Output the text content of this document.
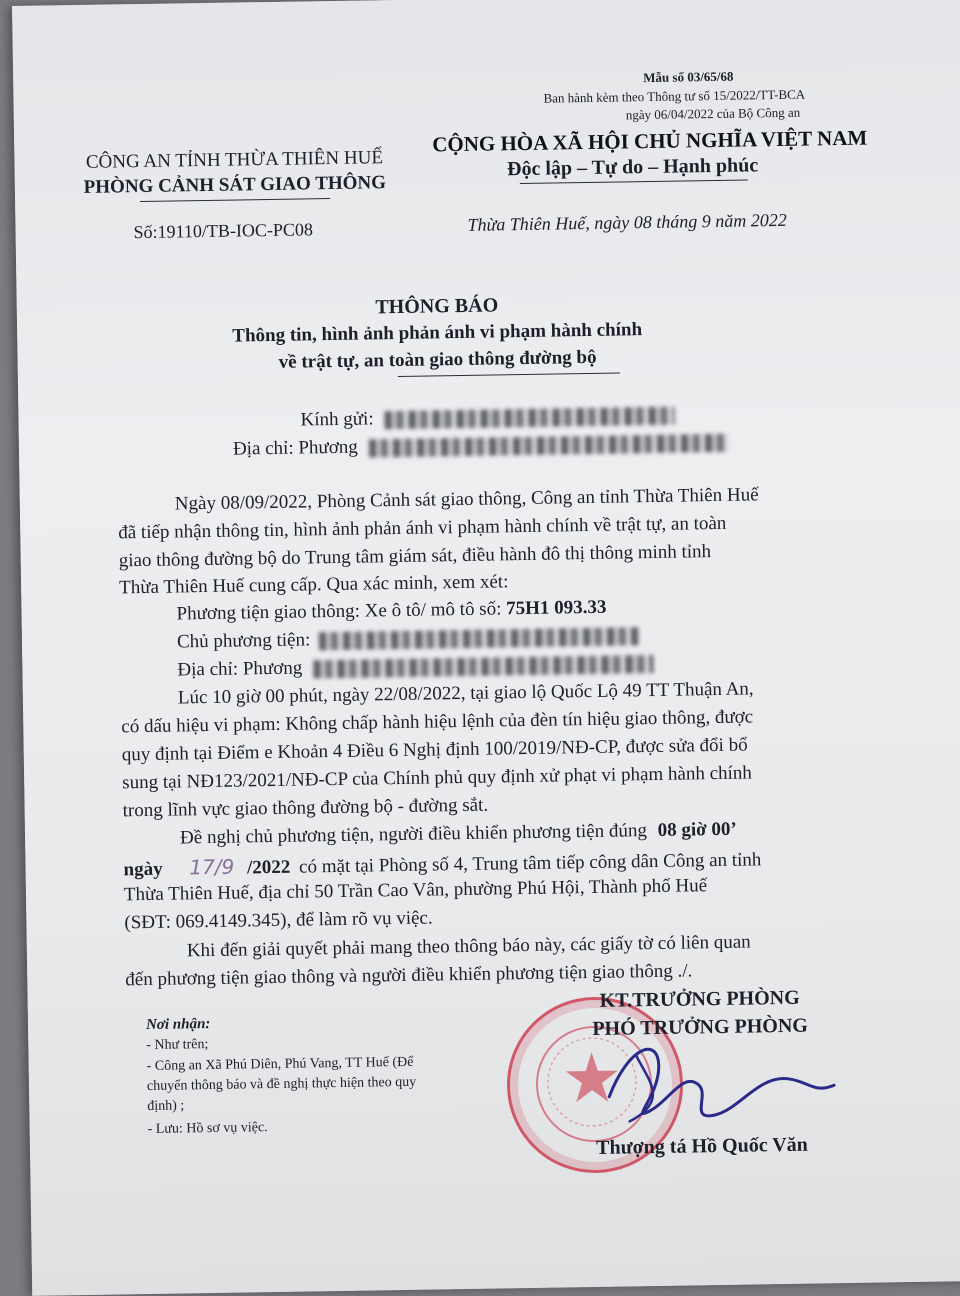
Mẫu số 03/65/68
Ban hành kèm theo Thông tư số 15/2022/TT-BCA
ngày 06/04/2022 của Bộ Công an
CÔNG AN TỈNH THỪA THIÊN HUẾ
PHÒNG CẢNH SÁT GIAO THÔNG
Số:19110/TB-IOC-PC08
CỘNG HÒA XÃ HỘI CHỦ NGHĨA VIỆT NAM
Độc lập – Tự do – Hạnh phúc
Thừa Thiên Huế, ngày 08 tháng 9 năm 2022
THÔNG BÁO
Thông tin, hình ảnh phản ánh vi phạm hành chính
về trật tự, an toàn giao thông đường bộ
Kính gửi:
Địa chỉ: Phương
Ngày 08/09/2022, Phòng Cảnh sát giao thông, Công an tỉnh Thừa Thiên Huế
đã tiếp nhận thông tin, hình ảnh phản ánh vi phạm hành chính về trật tự, an toàn
giao thông đường bộ do Trung tâm giám sát, điều hành đô thị thông minh tỉnh
Thừa Thiên Huế cung cấp. Qua xác minh, xem xét:
Phương tiện giao thông: Xe ô tô/ mô tô số: 75H1 093.33
Chủ phương tiện:
Địa chỉ: Phương
Lúc 10 giờ 00 phút, ngày 22/08/2022, tại giao lộ Quốc Lộ 49 TT Thuận An,
có dấu hiệu vi phạm: Không chấp hành hiệu lệnh của đèn tín hiệu giao thông, được
quy định tại Điểm e Khoản 4 Điều 6 Nghị định 100/2019/NĐ-CP, được sửa đổi bổ
sung tại NĐ123/2021/NĐ-CP của Chính phủ quy định xử phạt vi phạm hành chính
trong lĩnh vực giao thông đường bộ - đường sắt.
Đề nghị chủ phương tiện, người điều khiển phương tiện đúng 08 giờ 00’
ngày 17/9 /2022 có mặt tại Phòng số 4, Trung tâm tiếp công dân Công an tỉnh
Thừa Thiên Huế, địa chỉ 50 Trần Cao Vân, phường Phú Hội, Thành phố Huế
(SĐT: 069.4149.345), để làm rõ vụ việc.
Khi đến giải quyết phải mang theo thông báo này, các giấy tờ có liên quan
đến phương tiện giao thông và người điều khiển phương tiện giao thông ./.
Nơi nhận:
- Như trên;
- Công an Xã Phú Diên, Phú Vang, TT Huế (Để
chuyển thông báo và đề nghị thực hiện theo quy
định) ;
- Lưu: Hồ sơ vụ việc.
KT.TRƯỞNG PHÒNG
PHÓ TRƯỞNG PHÒNG
Thượng tá Hồ Quốc Văn
